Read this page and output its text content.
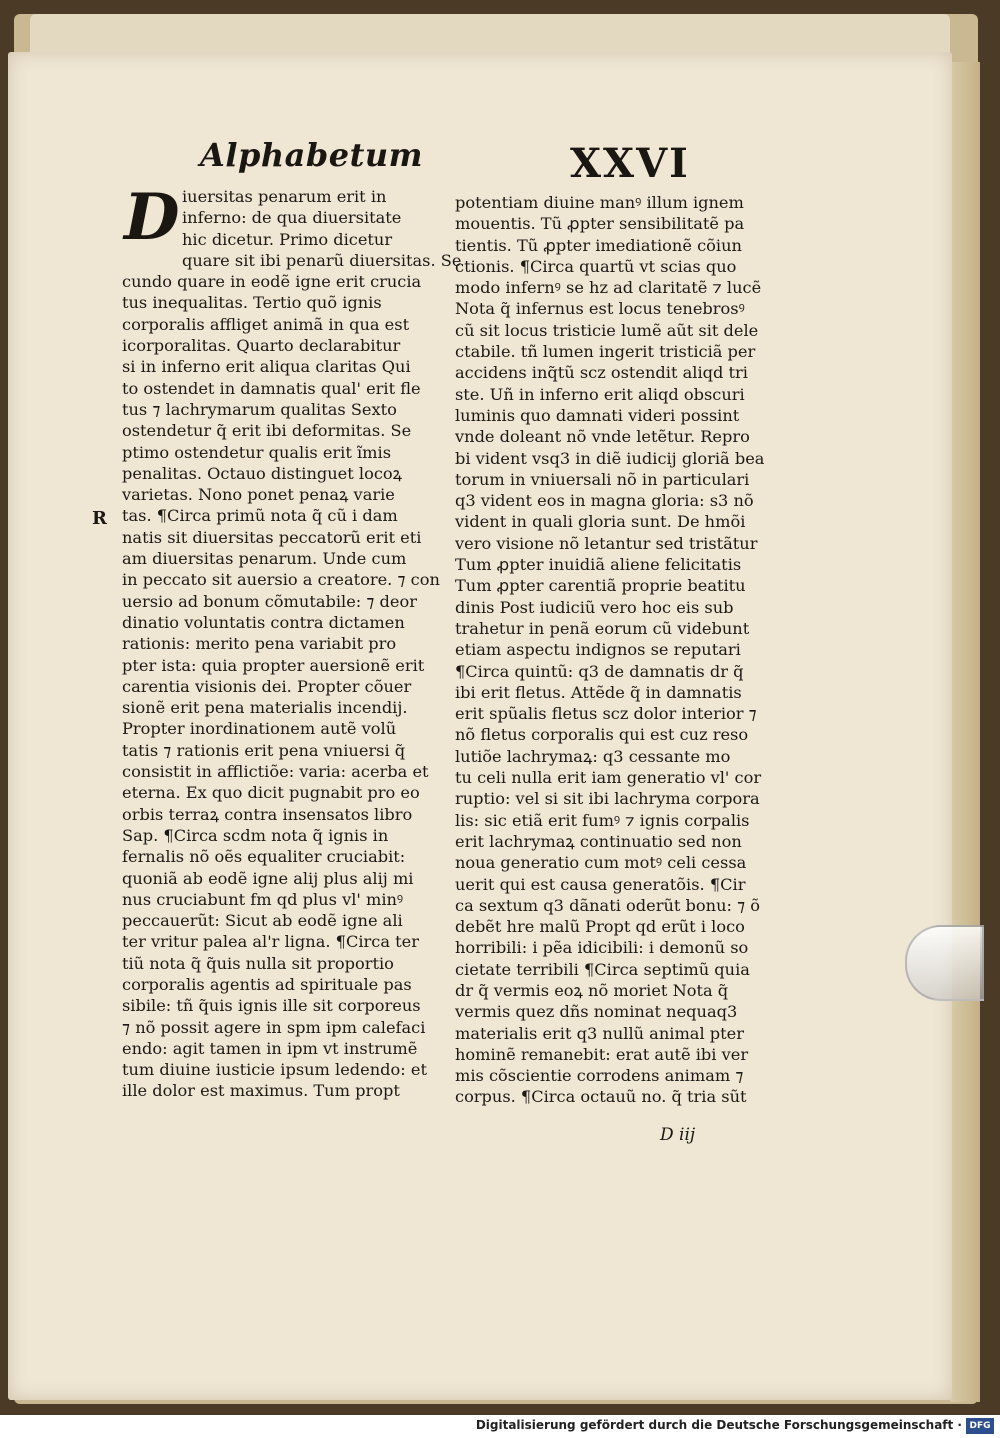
Alphabetum	XXVI
D
R
iuersitas penarum erit in
inferno: de qua diuersitate
hic dicetur. Primo dicetur
quare sit ibi penarũ diuersitas. Se
cundo quare in eodẽ igne erit crucia
tus inequalitas. Tertio quõ ignis
corporalis affliget animã in qua est
icorporalitas. Quarto declarabitur
si in inferno erit aliqua claritas Qui
to ostendet in damnatis qual' erit fle
tus ⁊ lachrymarum qualitas Sexto
ostendetur q̃ erit ibi deformitas. Se
ptimo ostendetur qualis erit ĩmis
penalitas. Octauo distinguet locoꝝ
varietas. Nono ponet penaꝝ varie
tas. ¶Circa primũ nota q̃ cũ i dam
natis sit diuersitas peccatorũ erit eti
am diuersitas penarum. Unde cum
in peccato sit auersio a creatore. ⁊ con
uersio ad bonum cõmutabile: ⁊ deor
dinatio voluntatis contra dictamen
rationis: merito pena variabit pro
pter ista: quia propter auersionẽ erit
carentia visionis dei. Propter cõuer
sionẽ erit pena materialis incendij.
Propter inordinationem autẽ volũ
tatis ⁊ rationis erit pena vniuersi q̃
consistit in afflictiõe: varia: acerba et
eterna. Ex quo dicit pugnabit pro eo
orbis terraꝝ contra insensatos libro
Sap. ¶Circa scdm nota q̃ ignis in
fernalis nõ oẽs equaliter cruciabit:
quoniã ab eodẽ igne alij plus alij mi
nus cruciabunt fm qd plus vl' minꝰ
peccauerũt: Sicut ab eodẽ igne ali
ter vritur palea al'r ligna. ¶Circa ter
tiũ nota q̃ q̃uis nulla sit proportio
corporalis agentis ad spirituale pas
sibile: tñ q̃uis ignis ille sit corporeus
⁊ nõ possit agere in spm ipm calefaci
endo: agit tamen in ipm vt instrumẽ
tum diuine iusticie ipsum ledendo: et
ille dolor est maximus. Tum propt
potentiam diuine manꝰ illum ignem
mouentis. Tũ ꝓpter sensibilitatẽ pa
tientis. Tũ ꝓpter imediationẽ cõiun
ctionis. ¶Circa quartũ vt scias quo
modo infernꝰ se hz ad claritatẽ ⁊ lucẽ
Nota q̃ infernus est locus tenebrosꝰ
cũ sit locus tristicie lumẽ aũt sit dele
ctabile. tñ lumen ingerit tristiciã per
accidens inq̃tũ scz ostendit aliqd tri
ste. Uñ in inferno erit aliqd obscuri
luminis quo damnati videri possint
vnde doleant nõ vnde letẽtur. Repro
bi vident vsq3 in diẽ iudicij gloriã bea
torum in vniuersali nõ in particulari
q3 vident eos in magna gloria: s3 nõ
vident in quali gloria sunt. De hmõi
vero visione nõ letantur sed tristãtur
Tum ꝓpter inuidiã aliene felicitatis
Tum ꝓpter carentiã proprie beatitu
dinis Post iudiciũ vero hoc eis sub
trahetur in penã eorum cũ videbunt
etiam aspectu indignos se reputari
¶Circa quintũ: q3 de damnatis dr q̃
ibi erit fletus. Attẽde q̃ in damnatis
erit spũalis fletus scz dolor interior ⁊
nõ fletus corporalis qui est cuz reso
lutiõe lachrymaꝝ: q3 cessante mo
tu celi nulla erit iam generatio vl' cor
ruptio: vel si sit ibi lachryma corpora
lis: sic etiã erit fumꝰ ⁊ ignis corpalis
erit lachrymaꝝ continuatio sed non
noua generatio cum motꝰ celi cessa
uerit qui est causa generatõis. ¶Cir
ca sextum q3 dãnati oderũt bonu: ⁊ õ
debẽt hre malũ Propt qd erũt i loco
horribili: i pẽa idicibili: i demonũ so
cietate terribili ¶Circa septimũ quia
dr q̃ vermis eoꝝ nõ moriet Nota q̃
vermis quez dñs nominat nequaq3
materialis erit q3 nullũ animal pter
hominẽ remanebit: erat autẽ ibi ver
mis cõscientie corrodens animam ⁊
corpus. ¶Circa octauũ no. q̃ tria sũt
D iij
Digitalisierung gefördert durch die Deutsche Forschungsgemeinschaft · DFG
